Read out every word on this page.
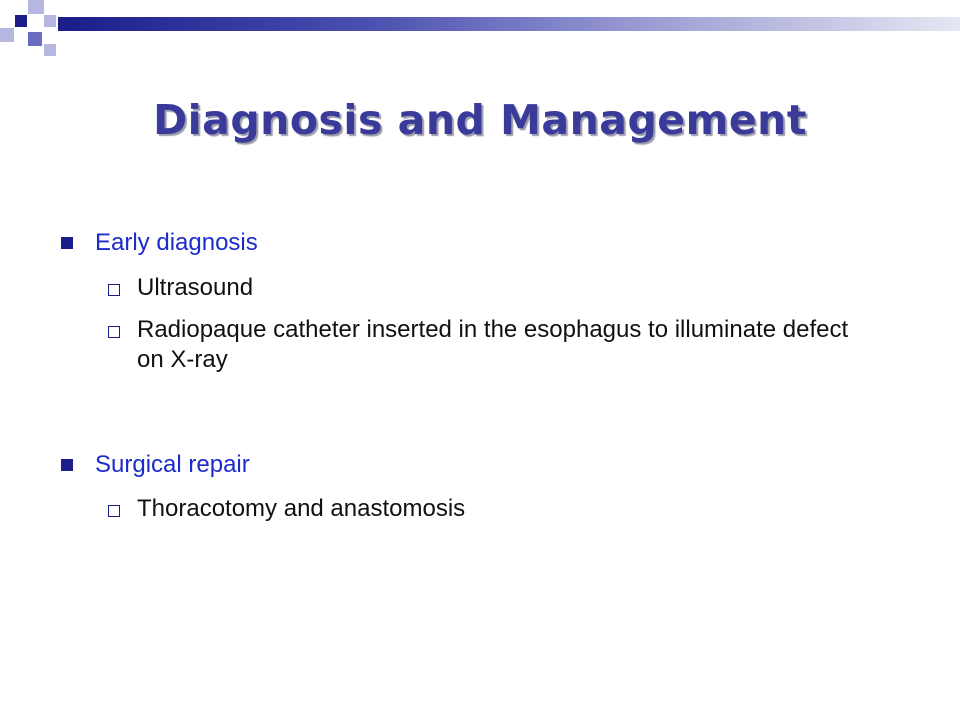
Diagnosis and Management
Early diagnosis
Ultrasound
Radiopaque catheter inserted in the esophagus to illuminate defect on X-ray
Surgical repair
Thoracotomy and anastomosis
